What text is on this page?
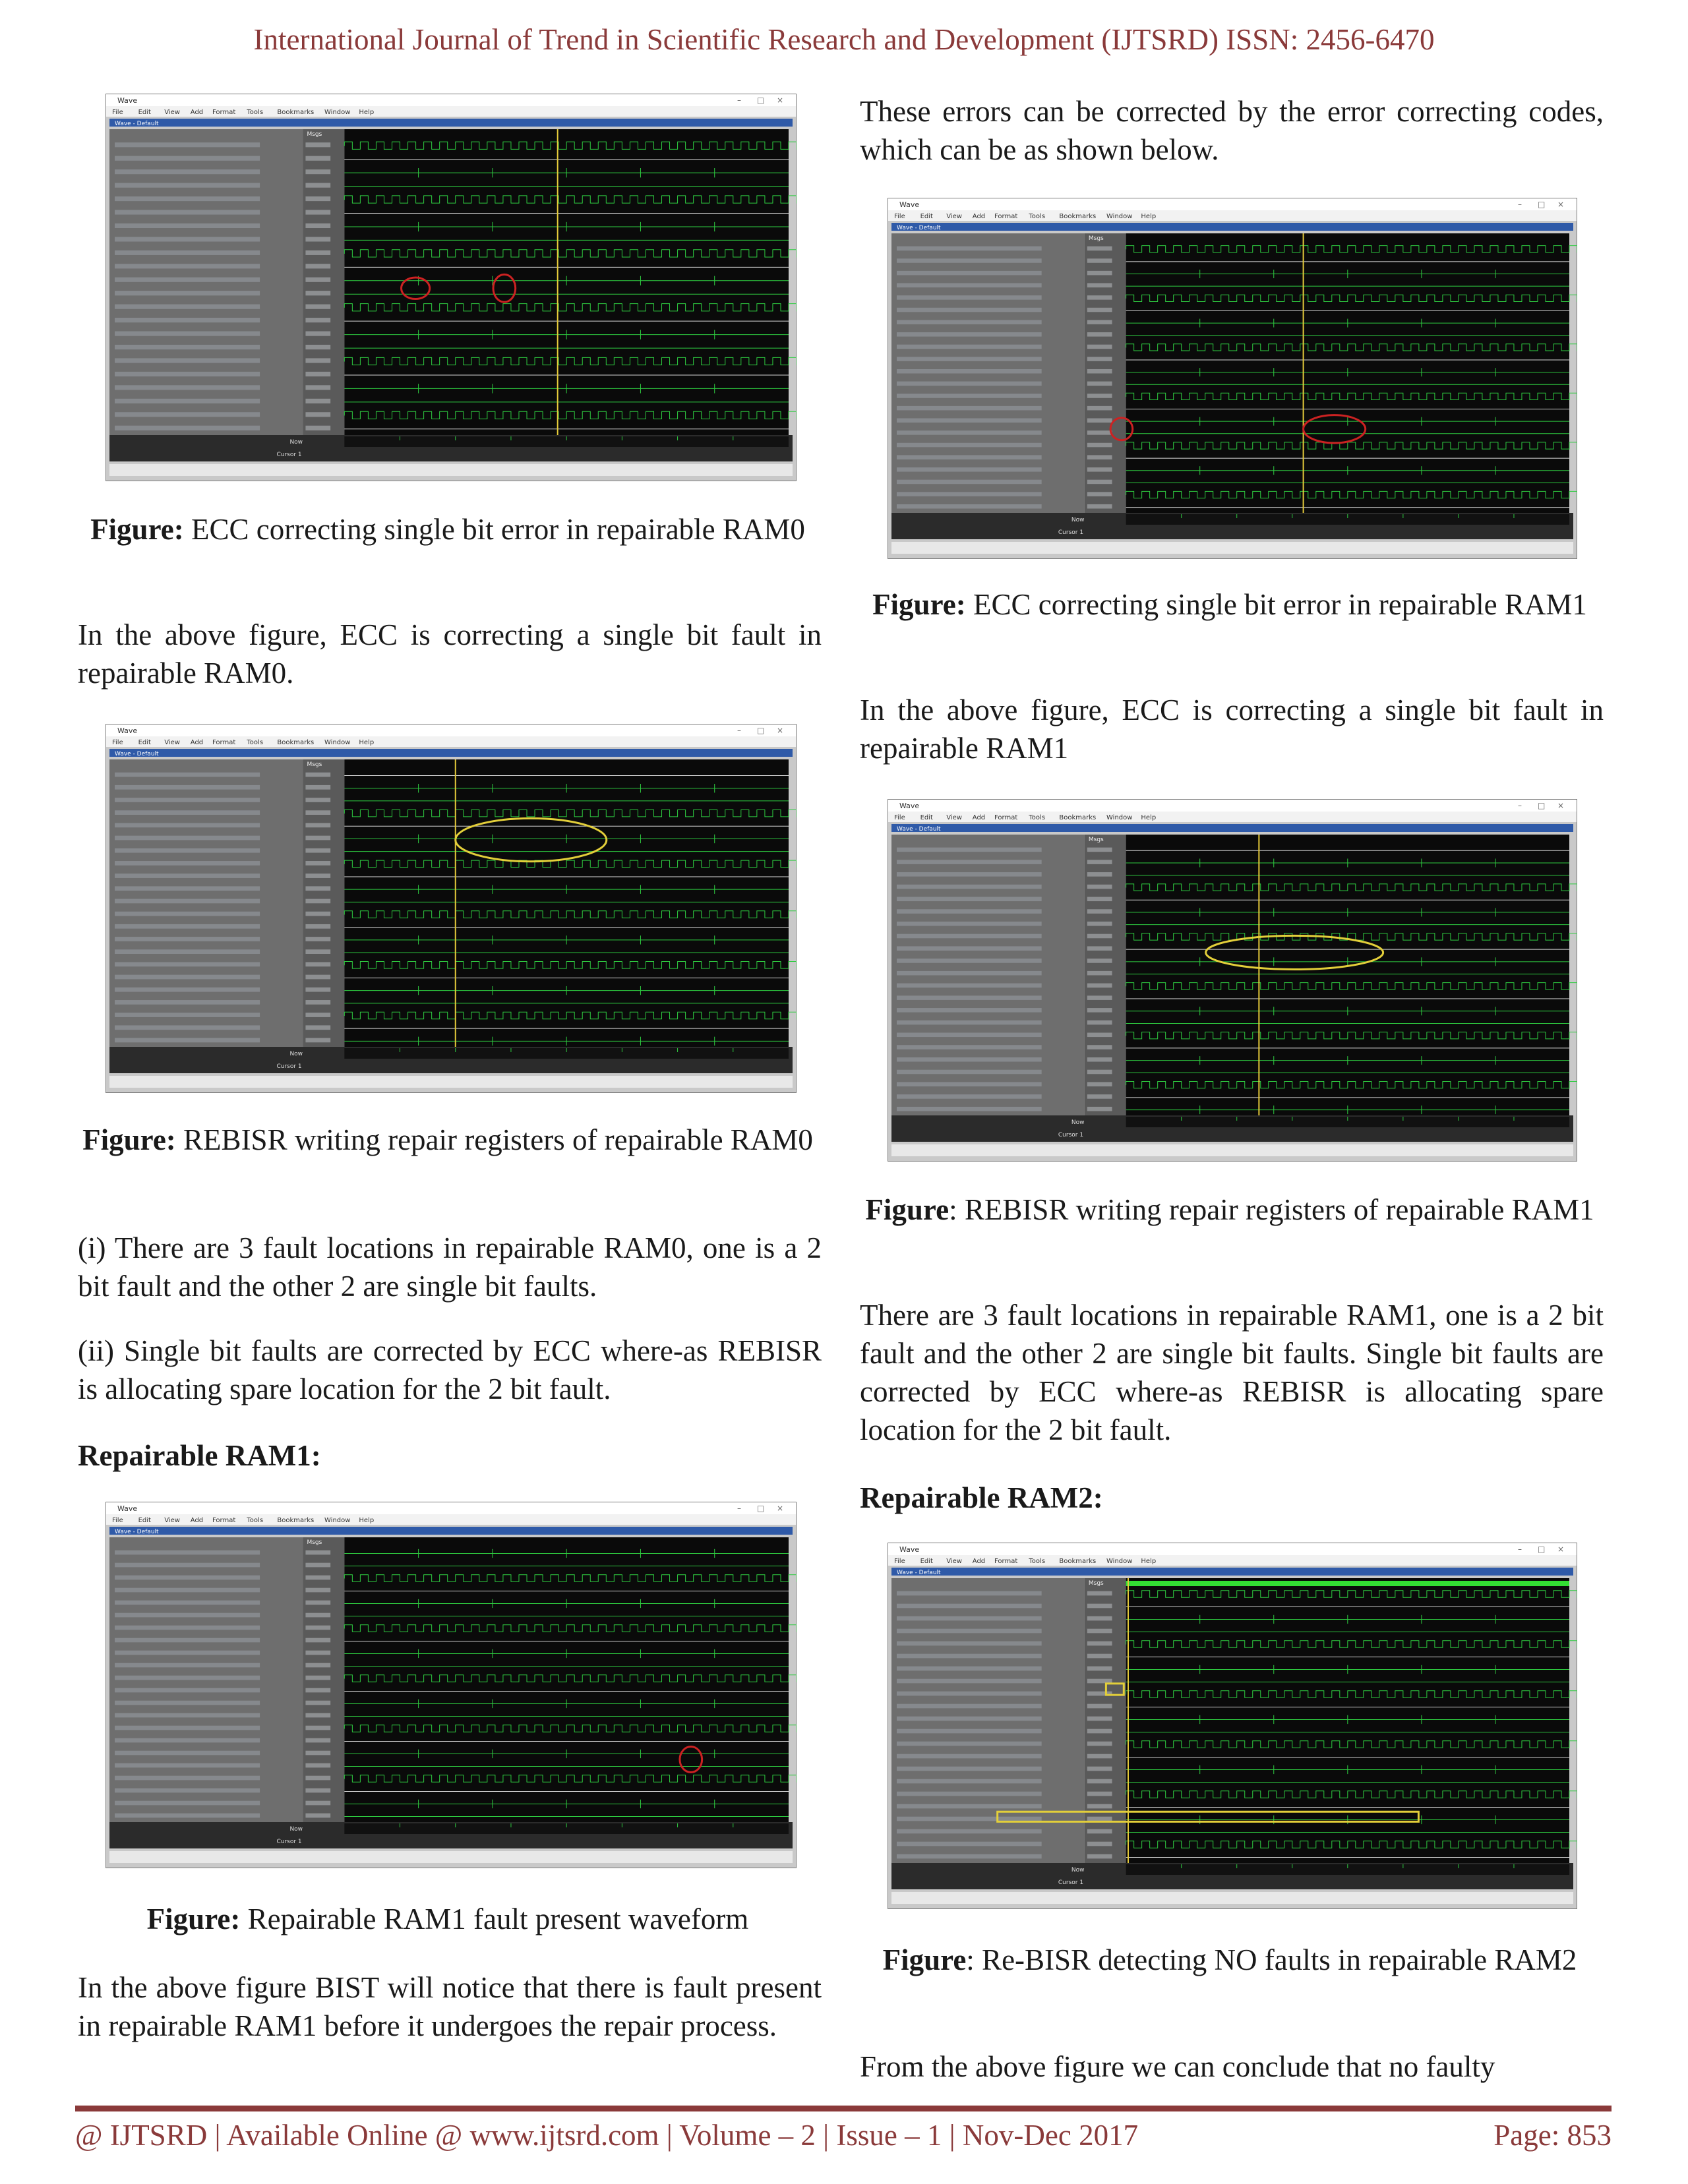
International Journal of Trend in Scientific Research and Development (IJTSRD) ISSN: 2456-6470
Wave	– □ ×
File Edit View Add Format Tools Bookmarks Window Help
Wave - Default
Msgs
Now
Cursor 1

Figure: ECC correcting single bit error in repairable RAM0

In the above figure, ECC is correcting a single bit fault in repairable RAM0.

Wave	– □ ×
File Edit View Add Format Tools Bookmarks Window Help
Wave - Default
Msgs
Now
Cursor 1

Figure: REBISR writing repair registers of repairable RAM0

(i) There are 3 fault locations in repairable RAM0, one is a 2 bit fault and the other 2 are single bit faults.

(ii) Single bit faults are corrected by ECC where-as REBISR is allocating spare location for the 2 bit fault.

Repairable RAM1:

Wave	– □ ×
File Edit View Add Format Tools Bookmarks Window Help
Wave - Default
Msgs
Now
Cursor 1

Figure: Repairable RAM1 fault present waveform

In the above figure BIST will notice that there is fault present in repairable RAM1 before it undergoes the repair process.

These errors can be corrected by the error correcting codes, which can be as shown below.

Wave	– □ ×
File Edit View Add Format Tools Bookmarks Window Help
Wave - Default
Msgs
Now
Cursor 1

Figure: ECC correcting single bit error in repairable RAM1

In the above figure, ECC is correcting a single bit fault in repairable RAM1

Wave	– □ ×
File Edit View Add Format Tools Bookmarks Window Help
Wave - Default
Msgs
Now
Cursor 1

Figure: REBISR writing repair registers of repairable RAM1

There are 3 fault locations in repairable RAM1, one is a 2 bit fault and the other 2 are single bit faults. Single bit faults are corrected by ECC where-as REBISR is allocating spare location for the 2 bit fault.

Repairable RAM2:

Wave	– □ ×
File Edit View Add Format Tools Bookmarks Window Help
Wave - Default
Msgs
Now
Cursor 1

Figure: Re-BISR detecting NO faults in repairable RAM2

From the above figure we can conclude that no faulty

@ IJTSRD | Available Online @ www.ijtsrd.com | Volume – 2 | Issue – 1 | Nov-Dec 2017	Page: 853
